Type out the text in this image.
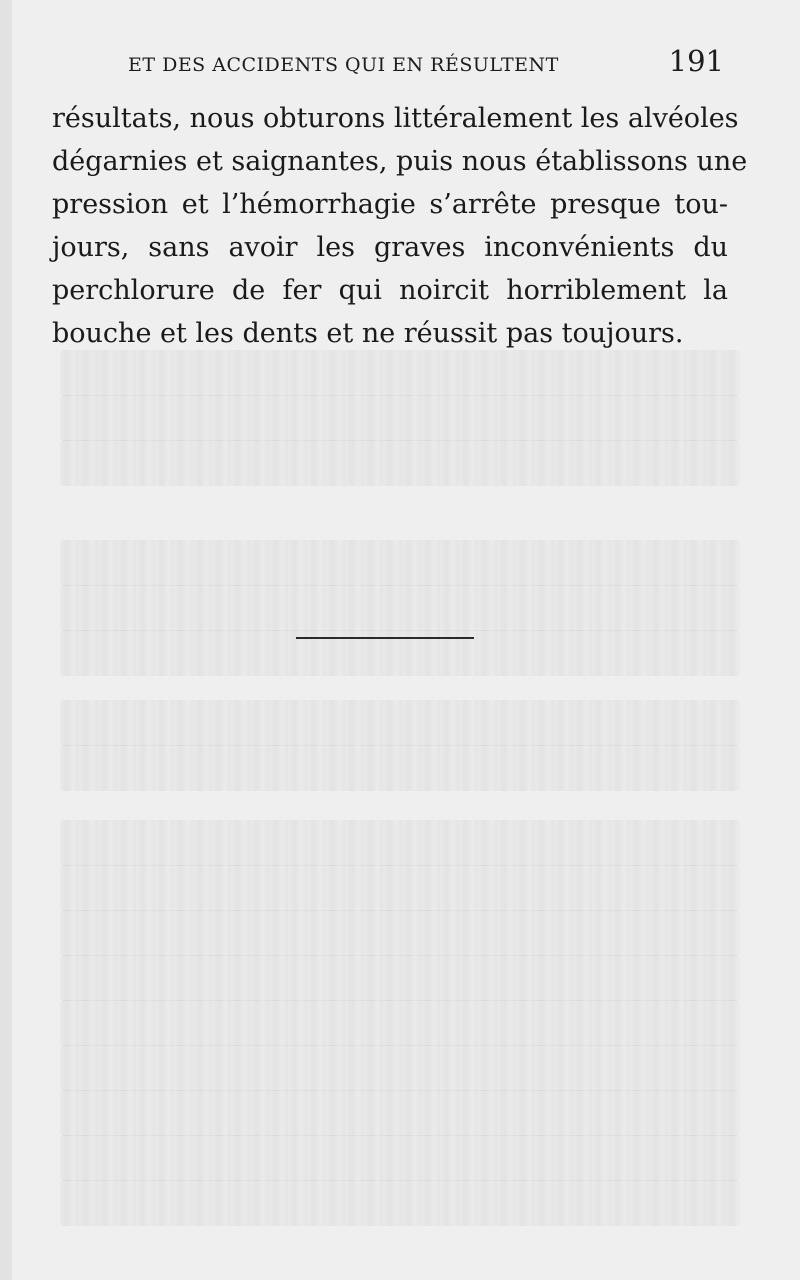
ET DES ACCIDENTS QUI EN RÉSULTENT	191
résultats, nous obturons littéralement les alvéoles
dégarnies et saignantes, puis nous établissons une
pression et l’hémorrhagie s’arrête presque tou-
jours, sans avoir les graves inconvénients du
perchlorure de fer qui noircit horriblement la
bouche et les dents et ne réussit pas toujours.
